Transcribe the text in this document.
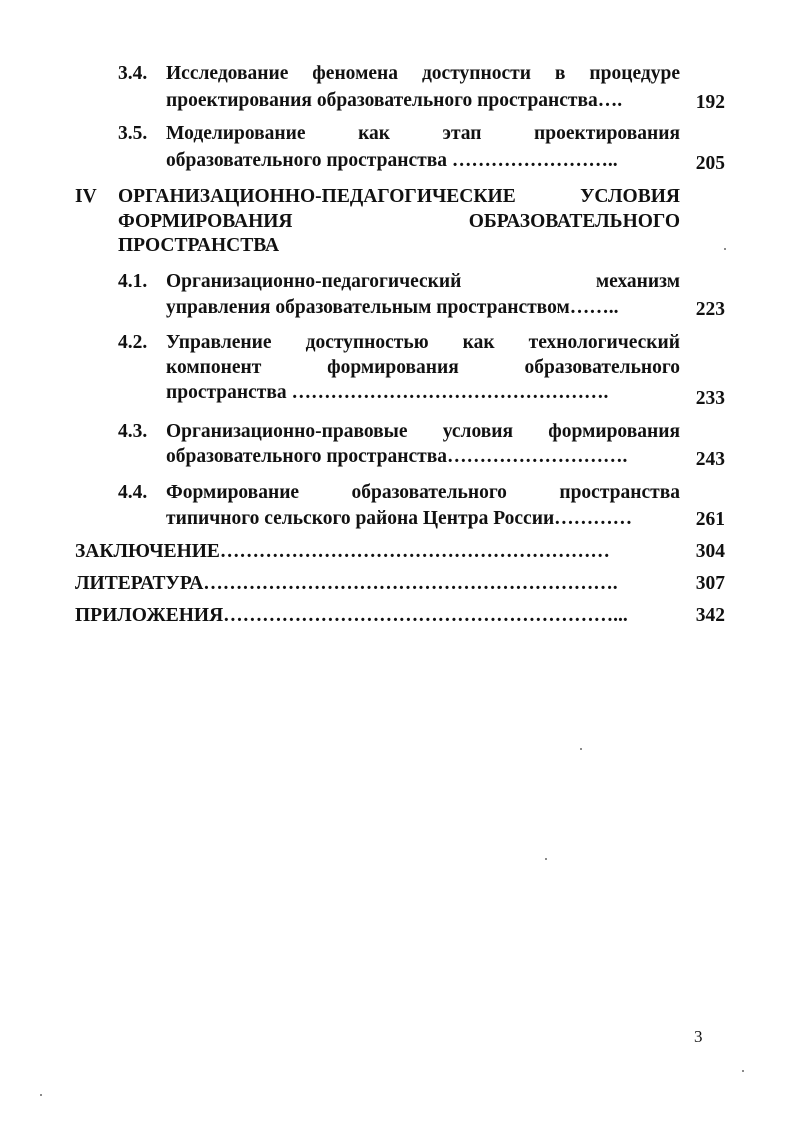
3.4. Исследование феномена доступности в процедуре
проектирования образовательного пространства….	192
3.5. Моделирование как этап проектирования
образовательного пространства ……………………..	205
IV ОРГАНИЗАЦИОННО-ПЕДАГОГИЧЕСКИЕ УСЛОВИЯ
ФОРМИРОВАНИЯ ОБРАЗОВАТЕЛЬНОГО
ПРОСТРАНСТВА
4.1. Организационно-педагогический механизм
управления образовательным пространством……..	223
4.2. Управление доступностью как технологический
компонент формирования образовательного
пространства ………………………………………….	233
4.3. Организационно-правовые условия формирования
образовательного пространства……………………….	243
4.4. Формирование образовательного пространства
типичного сельского района Центра России…………	261
ЗАКЛЮЧЕНИЕ……………………………………………………	304
ЛИТЕРАТУРА……………………………………………………….	307
ПРИЛОЖЕНИЯ……………………………………………………...	342
3
